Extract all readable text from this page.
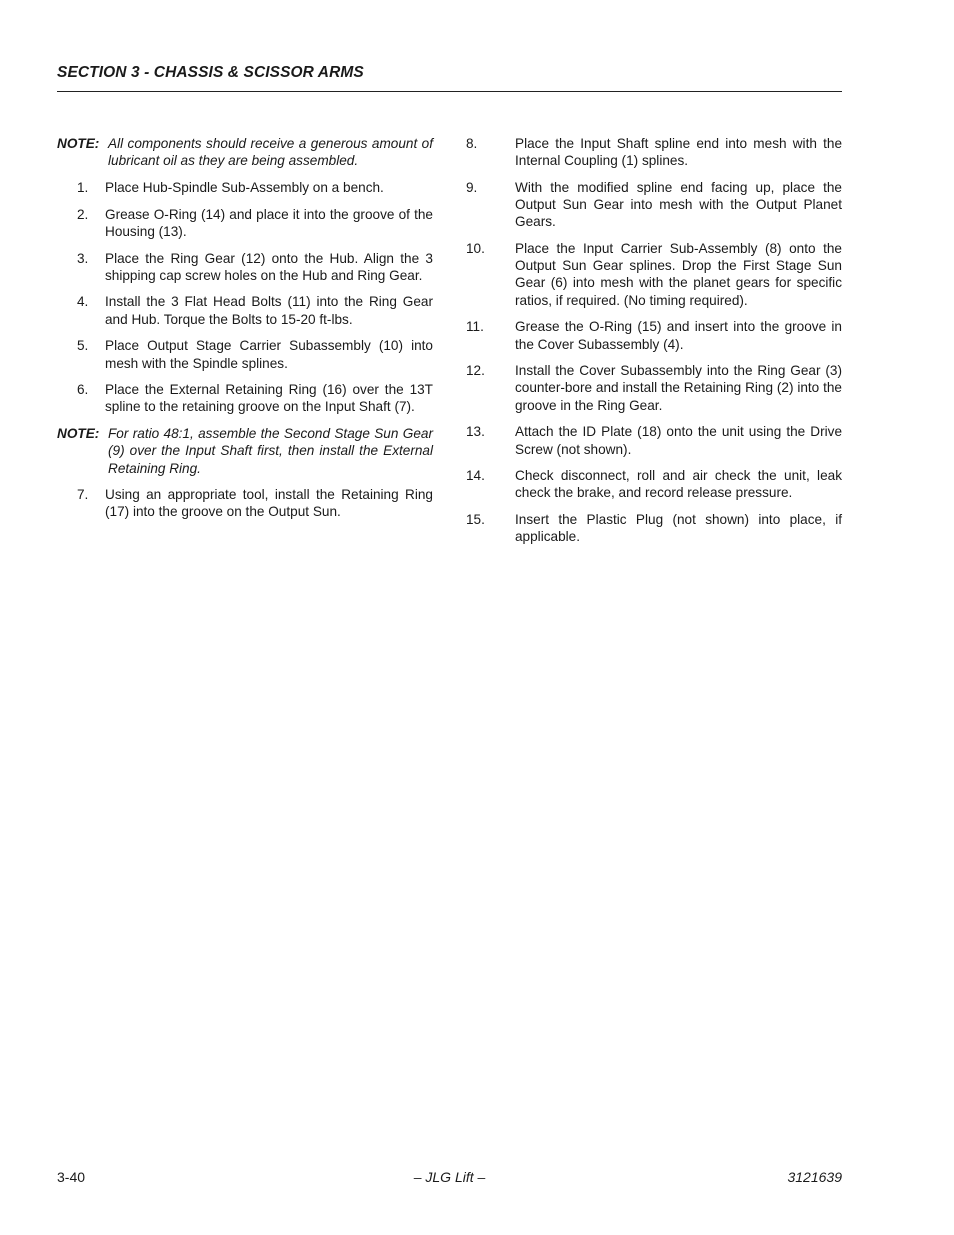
SECTION 3 - CHASSIS & SCISSOR ARMS
NOTE: All components should receive a generous amount of lubricant oil as they are being assembled.
1.	Place Hub-Spindle Sub-Assembly on a bench.
2.	Grease O-Ring (14) and place it into the groove of the Housing (13).
3.	Place the Ring Gear (12) onto the Hub. Align the 3 shipping cap screw holes on the Hub and Ring Gear.
4.	Install the 3 Flat Head Bolts (11) into the Ring Gear and Hub. Torque the Bolts to 15-20 ft-lbs.
5.	Place Output Stage Carrier Subassembly (10) into mesh with the Spindle splines.
6.	Place the External Retaining Ring (16) over the 13T spline to the retaining groove on the Input Shaft (7).
NOTE: For ratio 48:1, assemble the Second Stage Sun Gear (9) over the Input Shaft first, then install the External Retaining Ring.
7.	Using an appropriate tool, install the Retaining Ring (17) into the groove on the Output Sun.
8.	Place the Input Shaft spline end into mesh with the Internal Coupling (1) splines.
9.	With the modified spline end facing up, place the Output Sun Gear into mesh with the Output Planet Gears.
10.	Place the Input Carrier Sub-Assembly (8) onto the Output Sun Gear splines. Drop the First Stage Sun Gear (6) into mesh with the planet gears for specific ratios, if required. (No timing required).
11.	Grease the O-Ring (15) and insert into the groove in the Cover Subassembly (4).
12.	Install the Cover Subassembly into the Ring Gear (3) counter-bore and install the Retaining Ring (2) into the groove in the Ring Gear.
13.	Attach the ID Plate (18) onto the unit using the Drive Screw (not shown).
14.	Check disconnect, roll and air check the unit, leak check the brake, and record release pressure.
15.	Insert the Plastic Plug (not shown) into place, if applicable.
3-40	– JLG Lift –	3121639
